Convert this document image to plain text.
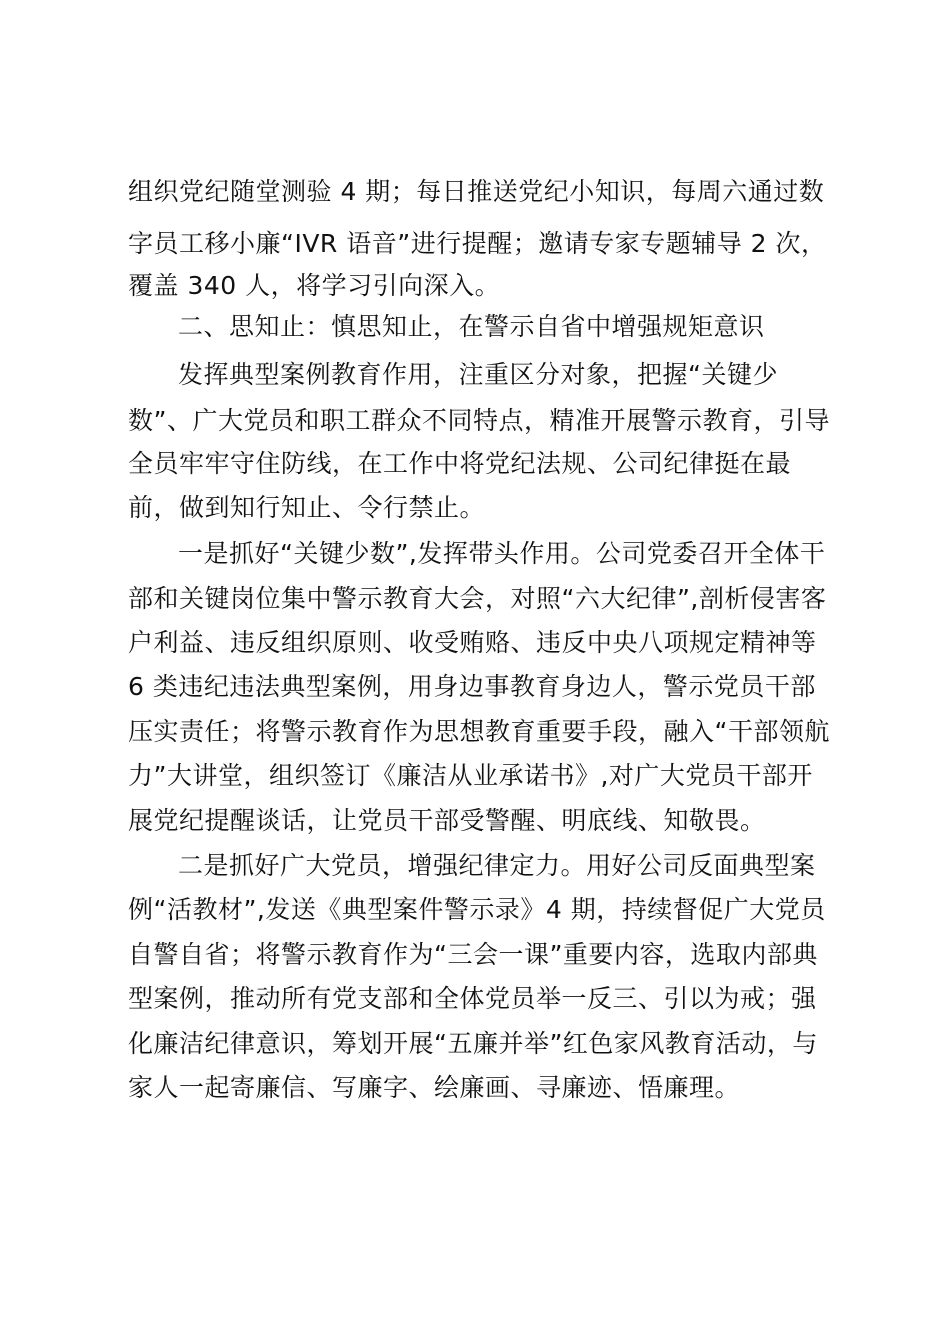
组织党纪随堂测验 4 期；每日推送党纪小知识，每周六通过数

字员工移小廉“IVR 语音”进行提醒；邀请专家专题辅导 2 次，

覆盖 340 人，将学习引向深入。

二、思知止：慎思知止，在警示自省中增强规矩意识

发挥典型案例教育作用，注重区分对象，把握“关键少

数”、广大党员和职工群众不同特点，精准开展警示教育，引导

全员牢牢守住防线，在工作中将党纪法规、公司纪律挺在最

前，做到知行知止、令行禁止。

一是抓好“关键少数”,发挥带头作用。公司党委召开全体干

部和关键岗位集中警示教育大会，对照“六大纪律”,剖析侵害客

户利益、违反组织原则、收受贿赂、违反中央八项规定精神等

6 类违纪违法典型案例，用身边事教育身边人，警示党员干部

压实责任；将警示教育作为思想教育重要手段，融入“干部领航

力”大讲堂，组织签订《廉洁从业承诺书》,对广大党员干部开

展党纪提醒谈话，让党员干部受警醒、明底线、知敬畏。

二是抓好广大党员，增强纪律定力。用好公司反面典型案

例“活教材”,发送《典型案件警示录》4 期，持续督促广大党员

自警自省；将警示教育作为“三会一课”重要内容，选取内部典

型案例，推动所有党支部和全体党员举一反三、引以为戒；强

化廉洁纪律意识，筹划开展“五廉并举”红色家风教育活动，与

家人一起寄廉信、写廉字、绘廉画、寻廉迹、悟廉理。
